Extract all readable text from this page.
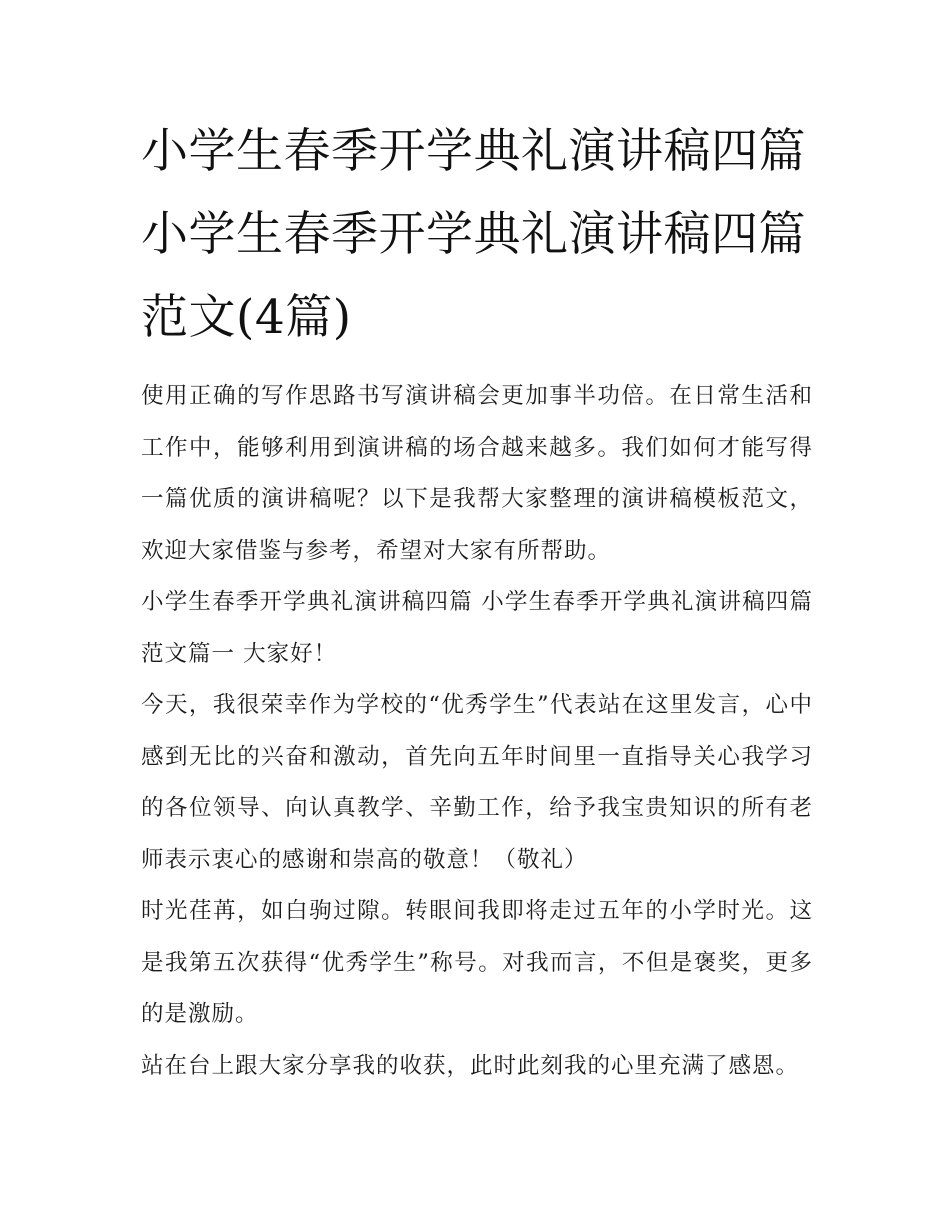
小学生春季开学典礼演讲稿四篇 小学生春季开学典礼演讲稿四篇范文(4篇)

使用正确的写作思路书写演讲稿会更加事半功倍。在日常生活和工作中，能够利用到演讲稿的场合越来越多。我们如何才能写得一篇优质的演讲稿呢？以下是我帮大家整理的演讲稿模板范文，欢迎大家借鉴与参考，希望对大家有所帮助。

小学生春季开学典礼演讲稿四篇 小学生春季开学典礼演讲稿四篇范文篇一 大家好！

今天，我很荣幸作为学校的“优秀学生”代表站在这里发言，心中感到无比的兴奋和激动，首先向五年时间里一直指导关心我学习的各位领导、向认真教学、辛勤工作，给予我宝贵知识的所有老师表示衷心的感谢和崇高的敬意！（敬礼）

时光荏苒，如白驹过隙。转眼间我即将走过五年的小学时光。这是我第五次获得“优秀学生”称号。对我而言，不但是褒奖，更多的是激励。

站在台上跟大家分享我的收获，此时此刻我的心里充满了感恩。
